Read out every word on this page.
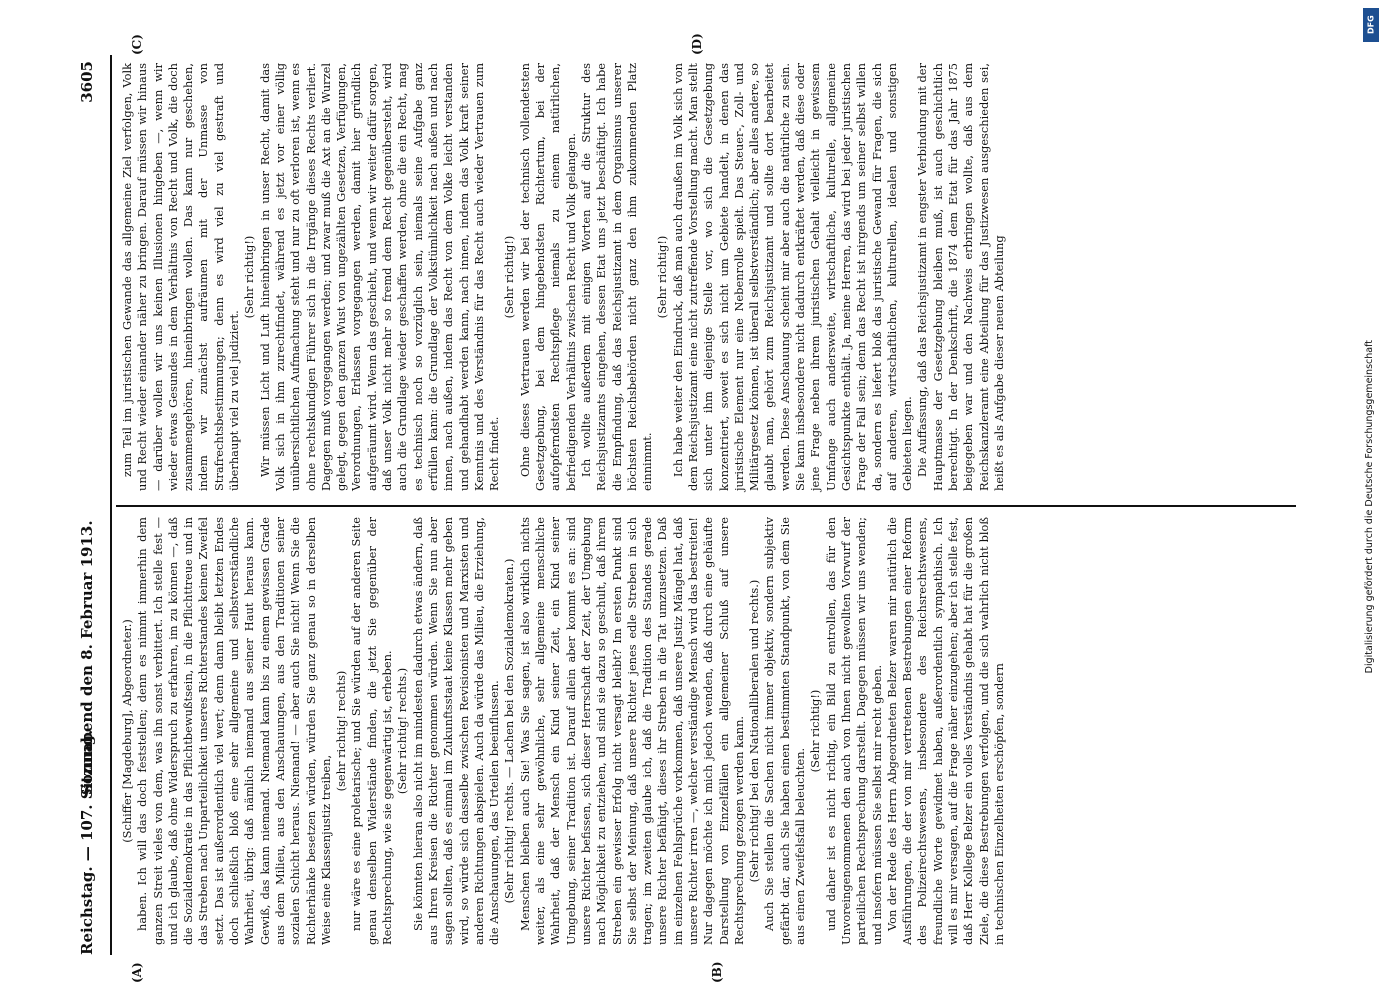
Reichstag. — 107. Sitzung.
Sonnabend den 8. Februar 1913.
3605
(A)	(B)
(C)	(D)

(Schiffer [Magdeburg], Abgeordneter.) haben. Ich will das doch feststellen; denn es nimmt immerhin dem ganzen Streit vieles von dem, was ihn sonst verbittert. Ich stelle fest — und ich glaube, daß ohne Widerspruch zu erfahren, im zu können —, daß die Sozialdemokratie in das Pflichtbewußtsein, in die Pflichttreue und in das Streben nach Unparteilichkeit unseres Richterstandes keinen Zweifel setzt. Das ist außerordentlich viel wert; denn dann bleibt letzten Endes doch schließlich bloß eine sehr allgemeine und selbstverständliche Wahrheit, übrig: daß nämlich niemand aus seiner Haut heraus kann. Gewiß, das kann niemand. Niemand kann bis zu einem gewissen Grade aus dem Milieu, aus den Anschauungen, aus den Traditionen seiner sozialen Schicht heraus. Niemand! — aber auch Sie nicht! Wenn Sie die Richterhänke besetzen würden, würden Sie ganz genau so in derselben Weise eine Klassenjustiz treiben,

(sehr richtig! rechts) nur wäre es eine proletarische; und Sie würden auf der anderen Seite genau denselben Widerstände finden, die jetzt Sie gegenüber der Rechtsprechung, wie sie gegenwärtig ist, erheben. (Sehr richtig! rechts.) Sie könnten hieran also nicht im mindesten dadurch etwas ändern, daß aus Ihren Kreisen die Richter genommen würden. Wenn Sie nun aber sagen sollten, daß es einmal im Zukunftsstaat keine Klassen mehr geben wird, so würde sich dasselbe zwischen Revisionisten und Marxisten und anderen Richtungen abspielen. Auch da würde das Milieu, die Erziehung, die Anschauungen, das Urteilen beeinflussen. (Sehr richtig! rechts. — Lachen bei den Sozialdemokraten.) Menschen bleiben auch Sie! Was Sie sagen, ist also wirklich nichts weiter, als eine sehr gewöhnliche, sehr allgemeine menschliche Wahrheit, daß der Mensch ein Kind seiner Zeit, ein Kind seiner Umgebung, seiner Tradition ist. Darauf allein aber kommt es an: sind unsere Richter befissen, sich dieser Herrschaft der Zeit, der Umgebung nach Möglichkeit zu entziehen, und sind sie dazu so geschult, daß ihrem Streben ein gewisser Erfolg nicht versagt bleibt? Im ersten Punkt sind Sie selbst der Meinung, daß unsere Richter jenes edle Streben in sich tragen; im zweiten glaube ich, daß die Tradition des Standes gerade unsere Richter befähigt, dieses ihr Streben in die Tat umzusetzen. Daß im einzelnen Fehlsprüche vorkommen, daß unsere Justiz Mängel hat, daß unsere Richter irren —, welcher verständige Mensch wird das bestreiten! Nur dagegen möchte ich mich jedoch wenden, daß durch eine gehäufte Darstellung von Einzelfällen ein allgemeiner Schluß auf unsere Rechtsprechung gezogen werden kann. (Sehr richtig! bei den Nationalliberalen und rechts.) Auch Sie stellen die Sachen nicht immer objektiv, sondern subjektiv gefärbt dar, auch Sie haben einen bestimmten Standpunkt, von dem Sie aus einen Zweifelsfall beleuchten.

(Sehr richtig!) und daher ist es nicht richtig, ein Bild zu entrollen, das für den Unvoreingenommenen den auch von Ihnen nicht gewollten Vorwurf der parteilichen Rechtsprechung darstellt. Dagegen müssen wir uns wenden; und insofern müssen Sie selbst mir recht geben. Von der Rede des Herrn Abgeordneten Belzer waren mir natürlich die Ausführungen, die der von mir vertretenen Bestrebungen einer Reform des Polizeirechtswesens, insbesondere des Reichsrechtswesens, freundliche Worte gewidmet haben, außerordentlich sympathisch. Ich will es mir versagen, auf die Frage näher einzugehen; aber ich stelle fest, daß Herr Kollege Belzer ein volles Verständnis gehabt hat für die großen Ziele, die diese Bestrebungen verfolgen, und die sich wahrlich nicht bloß in technischen Einzelheiten erschöpfen, sondern

zum Teil im juristischen Gewande das allgemeine Ziel verfolgen, Volk und Recht wieder einander näher zu bringen. Darauf müssen wir hinaus — darüber wollen wir uns keinen Illusionen hingeben —, wenn wir wieder etwas Gesundes in dem Verhältnis von Recht und Volk, die doch zusammengehören, hineinbringen wollen. Das kann nur geschehen, indem wir zunächst aufräumen mit der Unmasse von Strafrechtsbestimmungen; denn es wird viel zu viel gestraft und überhaupt viel zu viel judiziert.

(Sehr richtig!) Wir müssen Licht und Luft hineinbringen in unser Recht, damit das Volk sich in ihm zurechtfindet, während es jetzt vor einer völlig unübersichtlichen Aufmachung steht und nur zu oft verloren ist, wenn es ohne rechtskundigen Führer sich in die Irrgänge dieses Rechts verliert. Dagegen muß vorgegangen werden; und zwar muß die Axt an die Wurzel gelegt, gegen den ganzen Wust von ungezählten Gesetzen, Verfügungen, Verordnungen, Erlassen vorgegangen werden, damit hier gründlich aufgeräumt wird. Wenn das geschieht, und wenn wir weiter dafür sorgen, daß unser Volk nicht mehr so fremd dem Recht gegenübersteht, wird auch die Grundlage wieder geschaffen werden, ohne die ein Recht, mag es technisch noch so vorzüglich sein, niemals seine Aufgabe ganz erfüllen kann: die Grundlage der Volkstümlichkeit nach außen und nach innen, nach außen, indem das Recht von dem Volke leicht verstanden und gehandhabt werden kann, nach innen, indem das Volk kraft seiner Kenntnis und des Verständnis für das Recht auch wieder Vertrauen zum Recht findet.

(Sehr richtig!) Ohne dieses Vertrauen werden wir bei der technisch vollendetsten Gesetzgebung, bei dem hingebendsten Richtertum, bei der aufopferndsten Rechtspflege niemals zu einem natürlichen, befriedigenden Verhältnis zwischen Recht und Volk gelangen. Ich wollte außerdem mit einigen Worten auf die Struktur des Reichsjustizamts eingehen, dessen Etat uns jetzt beschäftigt. Ich habe die Empfindung, daß das Reichsjustizamt in dem Organismus unserer höchsten Reichsbehörden nicht ganz den ihm zukommenden Platz einnimmt.

(Sehr richtig!) Ich habe weiter den Eindruck, daß man auch draußen im Volk sich von dem Reichsjustizamt eine nicht zutreffende Vorstellung macht. Man stellt sich unter ihm diejenige Stelle vor, wo sich die Gesetzgebung konzentriert, soweit es sich nicht um Gebiete handelt, in denen das juristische Element nur eine Nebenrolle spielt. Das Steuer-, Zoll- und Militärgesetz können, ist überall selbstverständlich; aber alles andere, so glaubt man, gehört zum Reichsjustizamt und sollte dort bearbeitet werden. Diese Anschauung scheint mir aber auch die natürliche zu sein. Sie kann insbesondere nicht dadurch entkräftet werden, daß diese oder jene Frage neben ihrem juristischen Gehalt vielleicht in gewissem Umfange auch andersweite, wirtschaftliche, kulturelle, allgemeine Gesichtspunkte enthält. Ja, meine Herren, das wird bei jeder juristischen Frage der Fall sein; denn das Recht ist nirgends um seiner selbst willen da, sondern es liefert bloß das juristische Gewand für Fragen, die sich auf anderen, wirtschaftlichen, kulturellen, idealen und sonstigen Gebieten liegen. Die Auffassung, daß das Reichsjustizamt in engster Verbindung mit der Hauptmasse der Gesetzgebung bleiben muß, ist auch geschichtlich berechtigt. In der Denkschrift, die 1874 dem Etat für das Jahr 1875 beigegeben war und den Nachweis erbringen wollte, daß aus dem Reichskanzleramt eine Abteilung für das Justizwesen ausgeschieden sei, heißt es als Aufgabe dieser neuen Abteilung

DFG
Digitalisierung gefördert durch die Deutsche Forschungsgemeinschaft
